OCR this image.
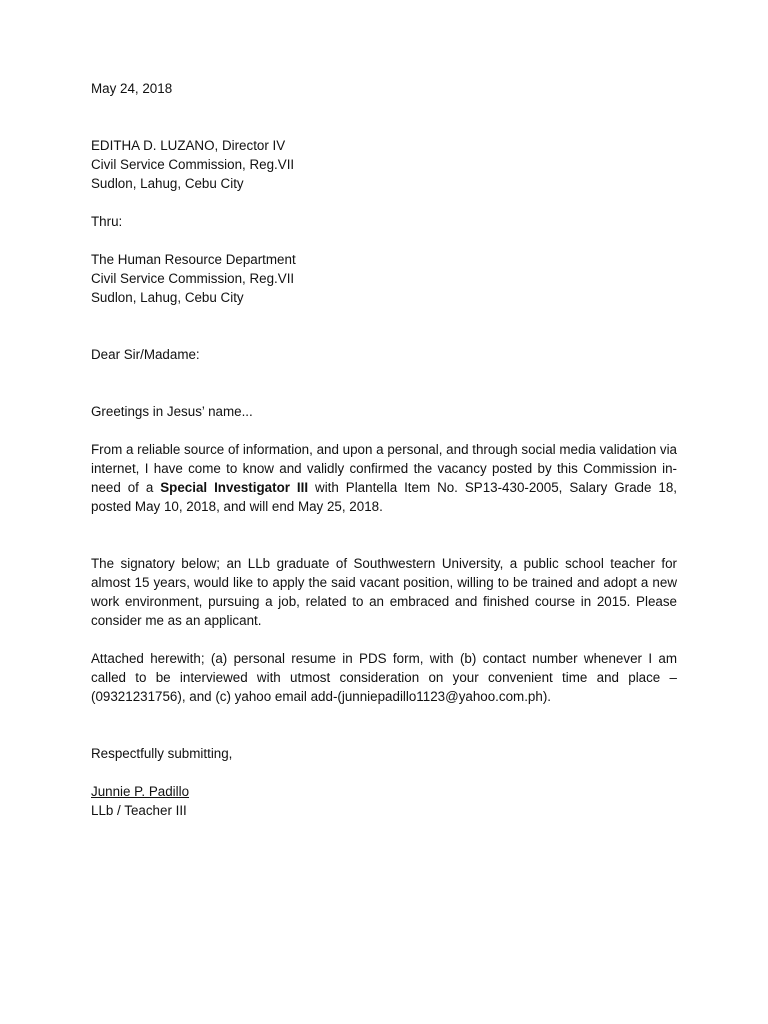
May 24, 2018
EDITHA D. LUZANO, Director IV
Civil Service Commission, Reg.VII
Sudlon, Lahug, Cebu City
Thru:
The Human Resource Department
Civil Service Commission, Reg.VII
Sudlon, Lahug, Cebu City
Dear Sir/Madame:
Greetings in Jesus’ name...

From a reliable source of information, and upon a personal, and through social media validation via internet, I have come to know and validly confirmed the vacancy posted by this Commission in-need of a Special Investigator III with Plantella Item No. SP13-430-2005, Salary Grade 18, posted May 10, 2018, and will end May 25, 2018.

The signatory below; an LLb graduate of Southwestern University, a public school teacher for almost 15 years, would like to apply the said vacant position, willing to be trained and adopt a new work environment, pursuing a job, related to an embraced and finished course in 2015. Please consider me as an applicant.

Attached herewith; (a) personal resume in PDS form, with (b) contact number whenever I am called to be interviewed with utmost consideration on your convenient time and place –(09321231756), and (c) yahoo email add-(junniepadillo1123@yahoo.com.ph).

Respectfully submitting,
Junnie P. Padillo
LLb / Teacher III
